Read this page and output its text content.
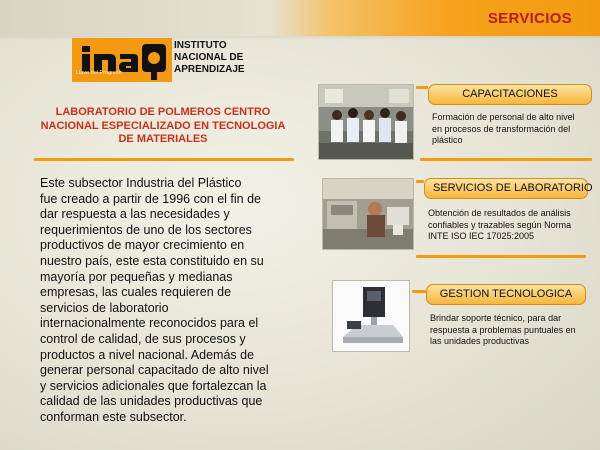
SERVICIOS
Llave del Progreso
INSTITUTO
NACIONAL DE
APRENDIZAJE
LABORATORIO DE POLMEROS CENTRO
NACIONAL ESPECIALIZADO EN TECNOLOGIA
DE MATERIALES
Este subsector Industria del Plástico
fue creado a partir de 1996 con el fin de
dar respuesta a las necesidades y
requerimientos de uno de los sectores
productivos de mayor crecimiento en
nuestro país, este esta constituido en su
mayoría por pequeñas y medianas
empresas, las cuales requieren de
servicios de laboratorio
internacionalmente reconocidos para el
control de calidad, de sus procesos y
productos a nivel nacional. Además de
generar personal capacitado de alto nivel
y servicios adicionales que fortalezcan la
calidad de las unidades productivas que
conforman este subsector.
CAPACITACIONES
Formación de personal de alto nivel
en procesos de transformación del
plástico
SERVICIOS DE LABORATORIO
Obtención de resultados de análisis
confiables y trazables según Norma
INTE ISO IEC 17025:2005
GESTION TECNOLOGICA
Brindar soporte técnico, para dar
respuesta a problemas puntuales en
las unidades productivas
